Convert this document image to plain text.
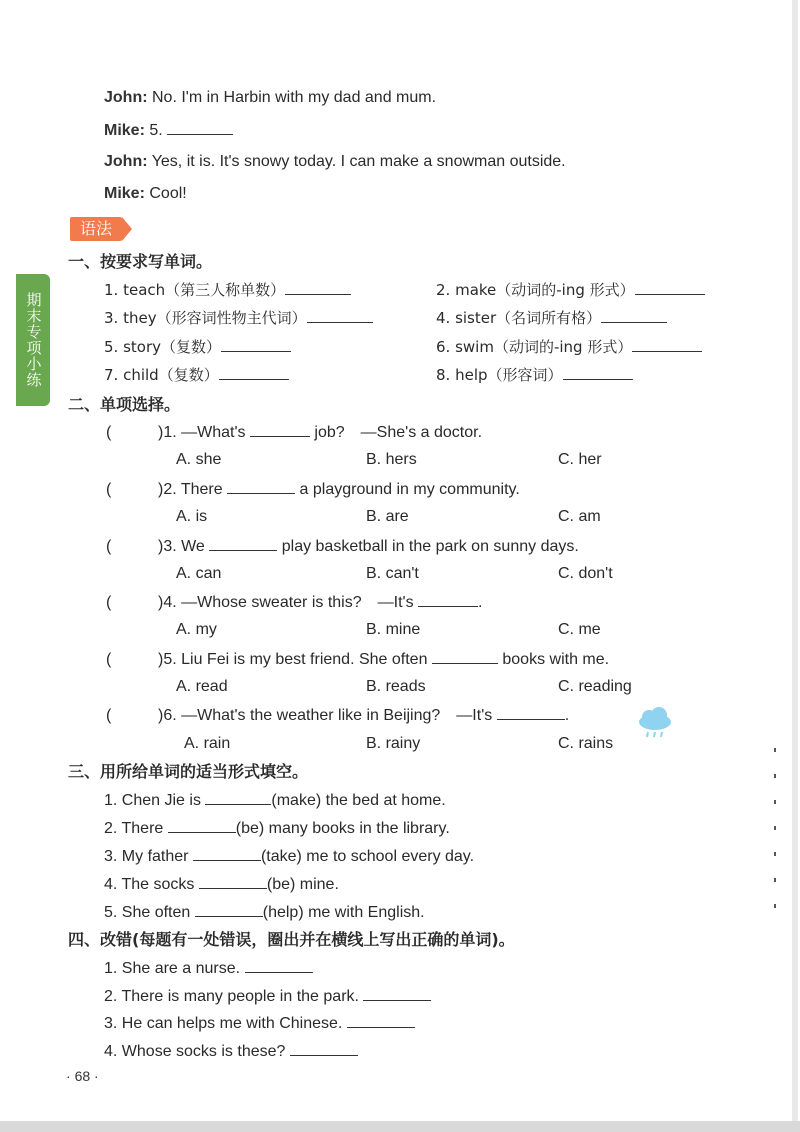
John: No. I'm in Harbin with my dad and mum.
Mike: 5.
John: Yes, it is. It's snowy today. I can make a snowman outside.
Mike: Cool!
语法
期末专项小练
一、按要求写单词。
1. teach（第三人称单数）	2. make（动词的-ing 形式）
3. they（形容词性物主代词）	4. sister（名词所有格）
5. story（复数）	6. swim（动词的-ing 形式）
7. child（复数）	8. help（形容词）
二、单项选择。
(	)1. —What's	job?　—She's a doctor.
A. she	B. hers	C. her
(	)2. There	a playground in my community.
A. is	B. are	C. am
(	)3. We	play basketball in the park on sunny days.
A. can	B. can't	C. don't
(	)4. —Whose sweater is this?　—It's	.
A. my	B. mine	C. me
(	)5. Liu Fei is my best friend. She often	books with me.
A. read	B. reads	C. reading
(	)6. —What's the weather like in Beijing?　—It's	.
A. rain	B. rainy	C. rains
三、用所给单词的适当形式填空。
1. Chen Jie is	(make) the bed at home.
2. There	(be) many books in the library.
3. My father	(take) me to school every day.
4. The socks	(be) mine.
5. She often	(help) me with English.
四、改错(每题有一处错误，圈出并在横线上写出正确的单词)。
1. She are a nurse.
2. There is many people in the park.
3. He can helps me with Chinese.
4. Whose socks is these?
· 68 ·
